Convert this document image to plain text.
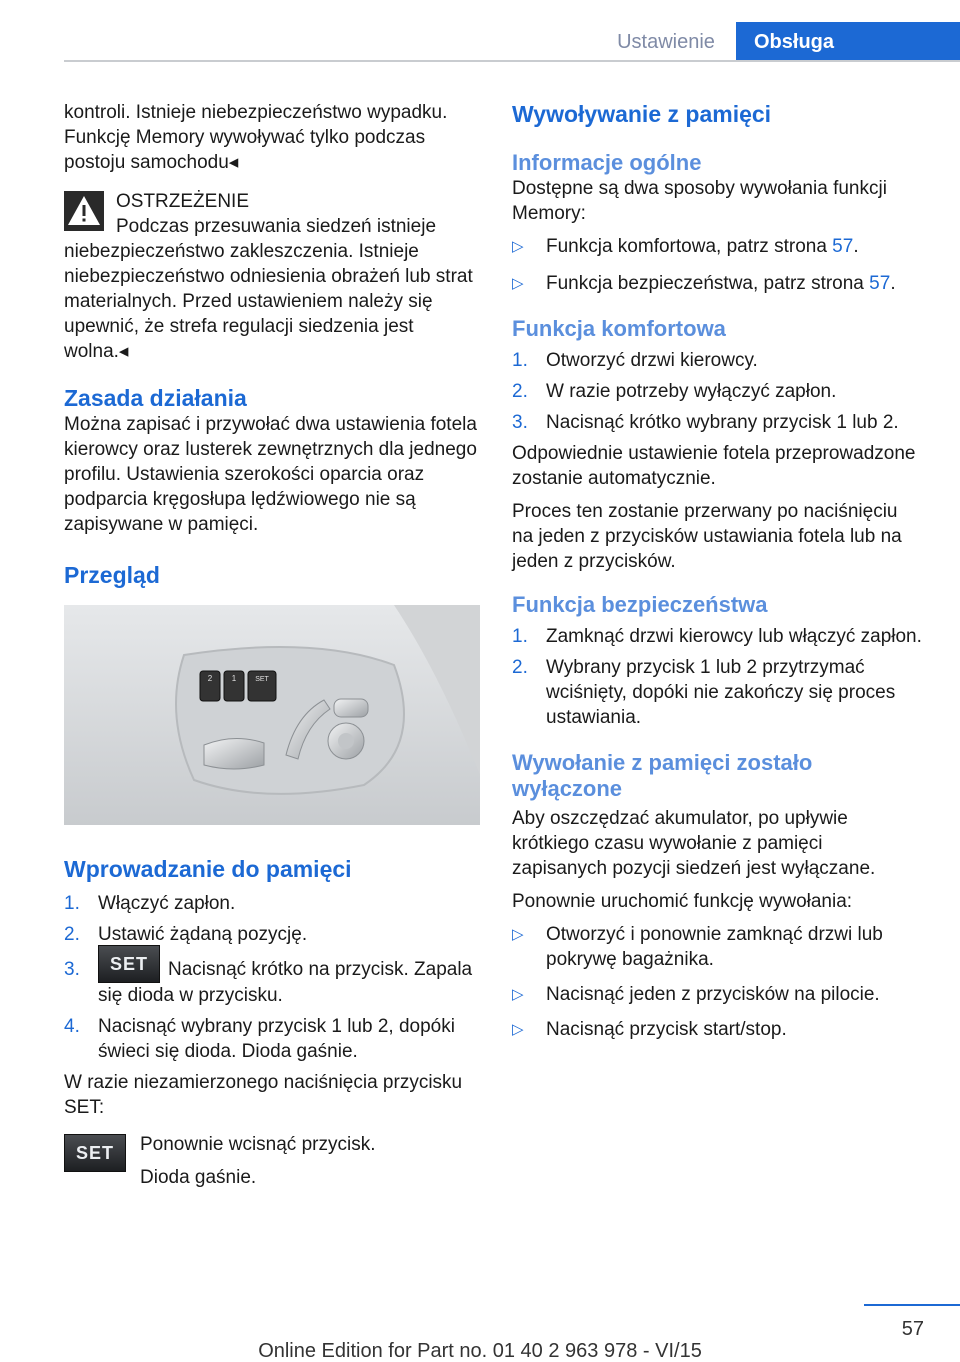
Ustawienie	Obsługa

kontroli. Istnieje niebezpieczeństwo wypadku. Funkcję Memory wywoływać tylko podczas postoju samochodu◂

OSTRZEŻENIE
Podczas przesuwania siedzeń istnieje

niebezpieczeństwo zakleszczenia. Istnieje niebezpieczeństwo odniesienia obrażeń lub strat materialnych. Przed ustawieniem należy się upewnić, że strefa regulacji siedzenia jest wolna.◂

Zasada działania

Można zapisać i przywołać dwa ustawienia fotela kierowcy oraz lusterek zewnętrznych dla jednego profilu. Ustawienia szerokości oparcia oraz podparcia kręgosłupa lędźwiowego nie są zapisywane w pamięci.

Przegląd
2 1	SET
Wprowadzanie do pamięci
1. Włączyć zapłon.
2. Ustawić żądaną pozycję.
3. SET Nacisnąć krótko na przycisk. Zapala się dioda w przycisku.
4. Nacisnąć wybrany przycisk 1 lub 2, dopóki świeci się dioda. Dioda gaśnie.

W razie niezamierzonego naciśnięcia przycisku SET:

SET	Ponownie wcisnąć przycisk.

Dioda gaśnie.

Wywoływanie z pamięci
Informacje ogólne

Dostępne są dwa sposoby wywołania funkcji Memory:

▷ Funkcja komfortowa, patrz strona 57.
▷ Funkcja bezpieczeństwa, patrz strona 57.
Funkcja komfortowa
1. Otworzyć drzwi kierowcy.
2. W razie potrzeby wyłączyć zapłon.
3. Nacisnąć krótko wybrany przycisk 1 lub 2.

Odpowiednie ustawienie fotela przeprowadzone zostanie automatycznie.

Proces ten zostanie przerwany po naciśnięciu na jeden z przycisków ustawiania fotela lub na jeden z przycisków.

Funkcja bezpieczeństwa
1. Zamknąć drzwi kierowcy lub włączyć zapłon.
2. Wybrany przycisk 1 lub 2 przytrzymać wciśnięty, dopóki nie zakończy się proces ustawiania.
Wywołanie z pamięci zostało wyłączone

Aby oszczędzać akumulator, po upływie krótkiego czasu wywołanie z pamięci zapisanych pozycji siedzeń jest wyłączane.

Ponownie uruchomić funkcję wywołania:

▷ Otworzyć i ponownie zamknąć drzwi lub pokrywę bagażnika.
▷ Nacisnąć jeden z przycisków na pilocie.
▷ Nacisnąć przycisk start/stop.
57
Online Edition for Part no. 01 40 2 963 978 - VI/15
